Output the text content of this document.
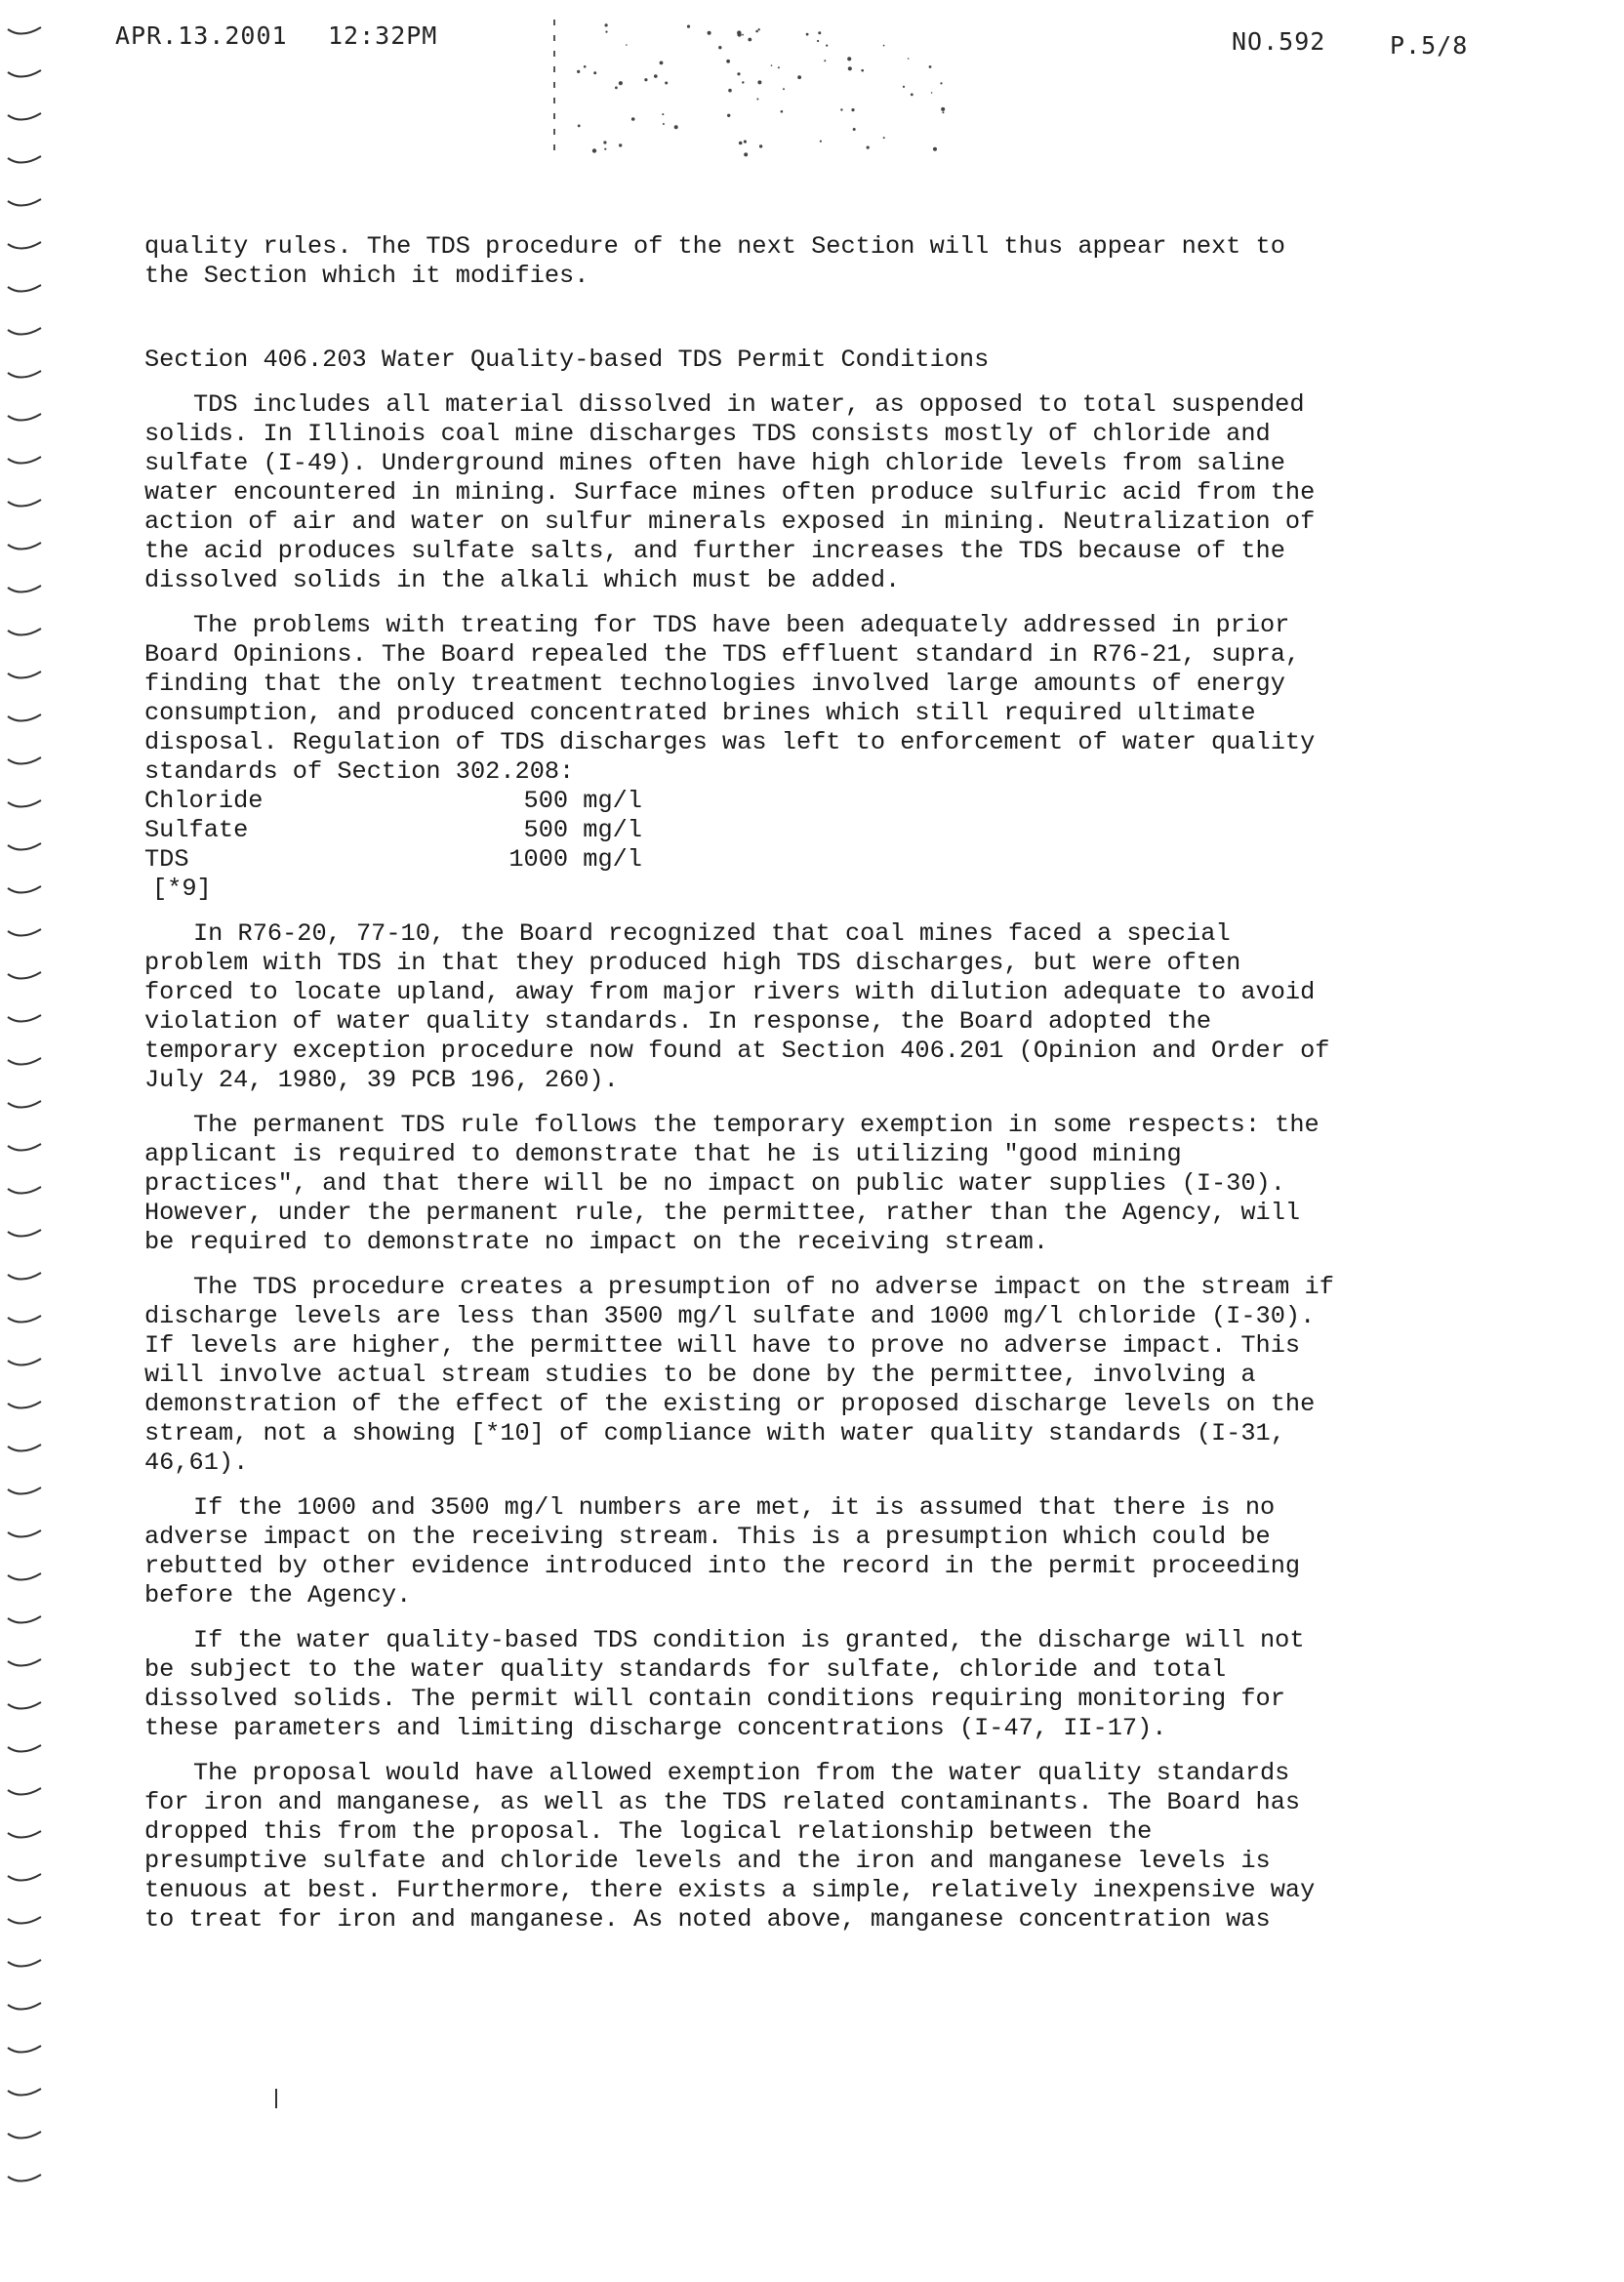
APR.13.2001 12:32PM	NO.592	P.5/8

quality rules. The TDS procedure of the next Section will thus appear next to
the Section which it modifies.

Section 406.203 Water Quality-based TDS Permit Conditions

TDS includes all material dissolved in water, as opposed to total suspended
solids. In Illinois coal mine discharges TDS consists mostly of chloride and
sulfate (I-49). Underground mines often have high chloride levels from saline
water encountered in mining. Surface mines often produce sulfuric acid from the
action of air and water on sulfur minerals exposed in mining. Neutralization of
the acid produces sulfate salts, and further increases the TDS because of the
dissolved solids in the alkali which must be added.

The problems with treating for TDS have been adequately addressed in prior
Board Opinions. The Board repealed the TDS effluent standard in R76-21, supra,
finding that the only treatment technologies involved large amounts of energy
consumption, and produced concentrated brines which still required ultimate
disposal. Regulation of TDS discharges was left to enforcement of water quality
standards of Section 302.208:

Chloride	500 mg/l
Sulfate	500 mg/l
TDS	1000 mg/l

[*9]

In R76-20, 77-10, the Board recognized that coal mines faced a special
problem with TDS in that they produced high TDS discharges, but were often
forced to locate upland, away from major rivers with dilution adequate to avoid
violation of water quality standards. In response, the Board adopted the
temporary exception procedure now found at Section 406.201 (Opinion and Order of
July 24, 1980, 39 PCB 196, 260).

The permanent TDS rule follows the temporary exemption in some respects: the
applicant is required to demonstrate that he is utilizing "good mining
practices", and that there will be no impact on public water supplies (I-30).
However, under the permanent rule, the permittee, rather than the Agency, will
be required to demonstrate no impact on the receiving stream.

The TDS procedure creates a presumption of no adverse impact on the stream if
discharge levels are less than 3500 mg/l sulfate and 1000 mg/l chloride (I-30).
If levels are higher, the permittee will have to prove no adverse impact. This
will involve actual stream studies to be done by the permittee, involving a
demonstration of the effect of the existing or proposed discharge levels on the
stream, not a showing [*10] of compliance with water quality standards (I-31,
46,61).

If the 1000 and 3500 mg/l numbers are met, it is assumed that there is no
adverse impact on the receiving stream. This is a presumption which could be
rebutted by other evidence introduced into the record in the permit proceeding
before the Agency.

If the water quality-based TDS condition is granted, the discharge will not
be subject to the water quality standards for sulfate, chloride and total
dissolved solids. The permit will contain conditions requiring monitoring for
these parameters and limiting discharge concentrations (I-47, II-17).

The proposal would have allowed exemption from the water quality standards
for iron and manganese, as well as the TDS related contaminants. The Board has
dropped this from the proposal. The logical relationship between the
presumptive sulfate and chloride levels and the iron and manganese levels is
tenuous at best. Furthermore, there exists a simple, relatively inexpensive way
to treat for iron and manganese. As noted above, manganese concentration was
